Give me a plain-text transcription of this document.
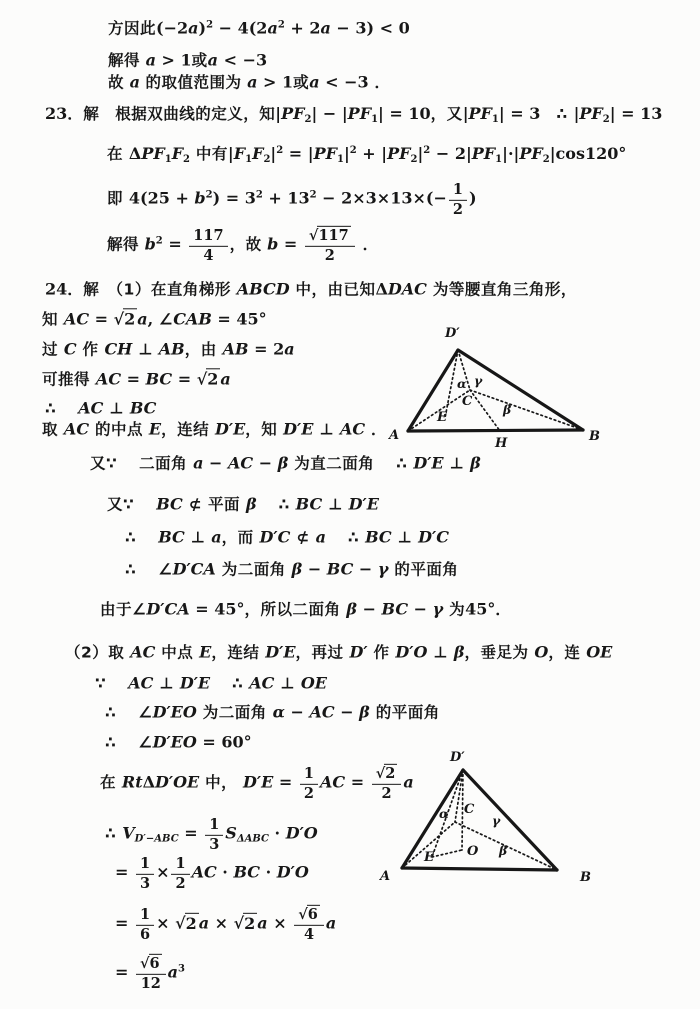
方因此$(-2a)^2 - 4(2a^2 + 2a - 3) < 0$
解得 a > 1或a < −3
故 a 的取值范围为 a > 1或a < −3 ．
23．解　根据双曲线的定义，知$|PF_2| - |PF_1| = 10$，又$|PF_1| = 3$　∴ $|PF_2| = 13$
在 $\Delta PF_1F_2$ 中有$|F_1F_2|^2 = |PF_1|^2 + |PF_2|^2 - 2|PF_1|\cdot|PF_2|\cos 120^\circ$
即 $4(25 + b^2) = 3^2 + 13^2 - 2\times 3\times 13\times(- \frac{1}{2}$ )
解得 $b^2 = \frac{117}{4}$ ，故 $b = \frac{√117}{2}$ ．
24．解　（1）在直角梯形 ABCD 中，由已知ΔDAC 为等腰直角三角形，
知 AC = √2 a, ∠CAB = 45°
过 C 作 CH ⊥ AB，由 AB = 2a
可推得 AC = BC = √2 a
∴　 AC ⊥ BC
取 AC 的中点 E，连结 D′E，知 D′E ⊥ AC ．
又∵　 二面角 a − AC − β 为直二面角　 ∴ D′E ⊥ β
又∵　 BC ⊄ 平面 β　 ∴ BC ⊥ D′E
∴　 BC ⊥ a，而 D′C ⊄ a　 ∴ BC ⊥ D′C
∴　 ∠D′CA 为二面角 β − BC − γ 的平面角
由于∠D′CA = 45°，所以二面角 β − BC − γ 为45°．
（2）取 AC 中点 E，连结 D′E，再过 D′ 作 D′O ⊥ β，垂足为 O，连 OE
∵　 AC ⊥ D′E　 ∴ AC ⊥ OE
∴　 ∠D′EO 为二面角 α − AC − β 的平面角
∴　 ∠D′EO = 60°
在 RtΔD′OE 中， $D'E = \frac{1}{2}$ AC = $\frac{√2}{2}$ a
∴ $V_{D'-ABC} = \frac{1}{3} S_{\Delta ABC} \cdot D'O$
= $\frac{1}{3} \times \frac{1}{2}$ AC · BC · D′O
= $\frac{1}{6} \times √2$ a × √2 $a \times \frac{√6}{4}$ a
= $\frac{√6}{12} a^3$
D′
A	B
H
C
E
α γ
β
D′
A	B
C
O
E
α	γ
β
